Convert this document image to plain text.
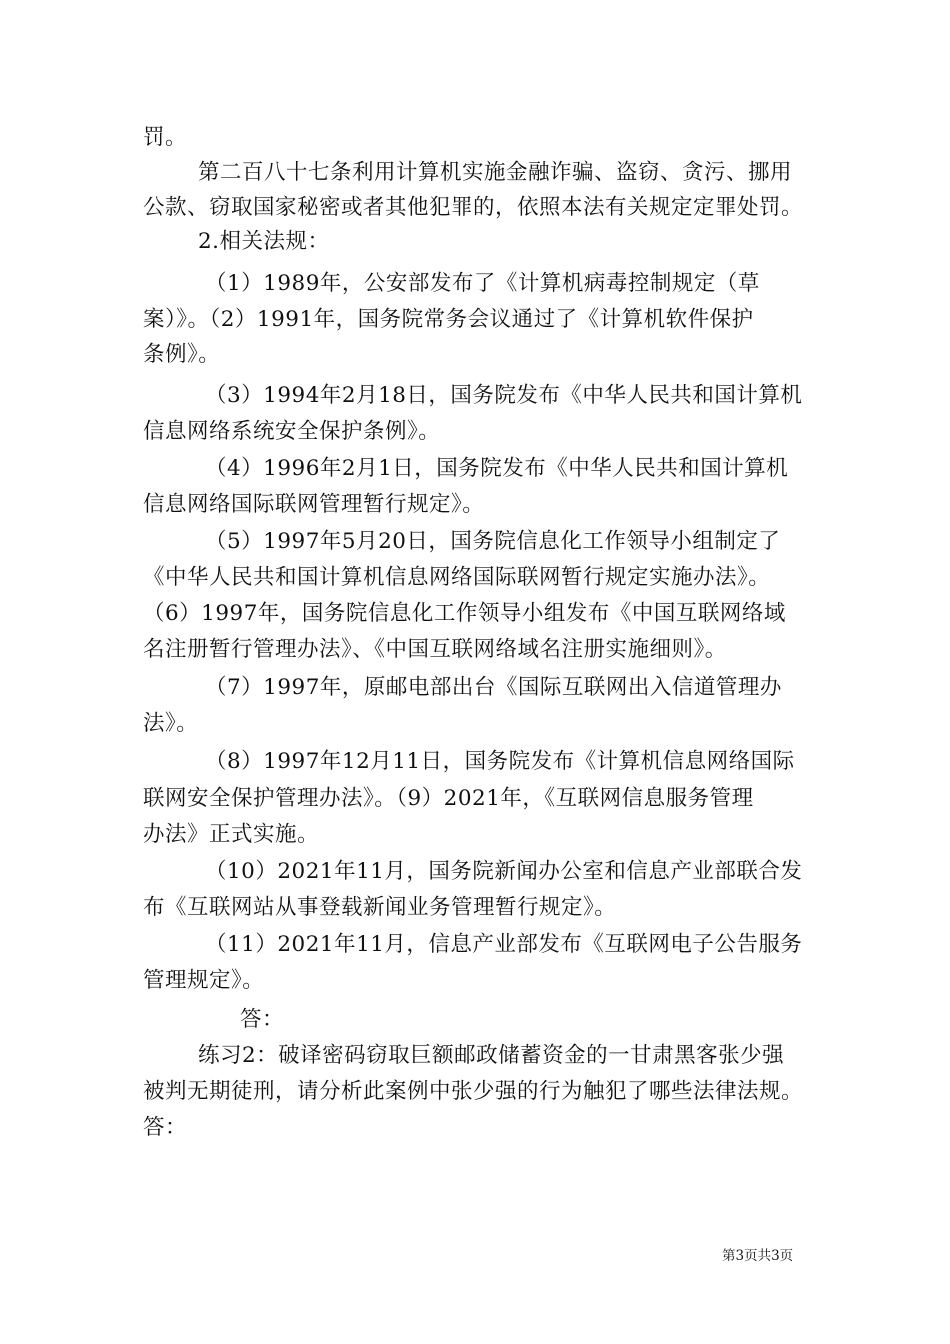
罚。
第二百八十七条利用计算机实施金融诈骗、盗窃、贪污、挪用
公款、窃取国家秘密或者其他犯罪的，依照本法有关规定定罪处罚。
2.相关法规：
（1）1989年，公安部发布了《计算机病毒控制规定（草
案）》。（2）1991年，国务院常务会议通过了《计算机软件保护
条例》。
（3）1994年2月18日，国务院发布《中华人民共和国计算机
信息网络系统安全保护条例》。
（4）1996年2月1日，国务院发布《中华人民共和国计算机
信息网络国际联网管理暂行规定》。
（5）1997年5月20日，国务院信息化工作领导小组制定了
《中华人民共和国计算机信息网络国际联网暂行规定实施办法》。
（6）1997年，国务院信息化工作领导小组发布《中国互联网络域
名注册暂行管理办法》、《中国互联网络域名注册实施细则》。
（7）1997年，原邮电部出台《国际互联网出入信道管理办
法》。
（8）1997年12月11日，国务院发布《计算机信息网络国际
联网安全保护管理办法》。（9）2021年，《互联网信息服务管理
办法》正式实施。
（10）2021年11月，国务院新闻办公室和信息产业部联合发
布《互联网站从事登载新闻业务管理暂行规定》。
（11）2021年11月，信息产业部发布《互联网电子公告服务
管理规定》。
答：
练习2：破译密码窃取巨额邮政储蓄资金的一甘肃黑客张少强
被判无期徒刑，请分析此案例中张少强的行为触犯了哪些法律法规。
答：
第3页共3页
